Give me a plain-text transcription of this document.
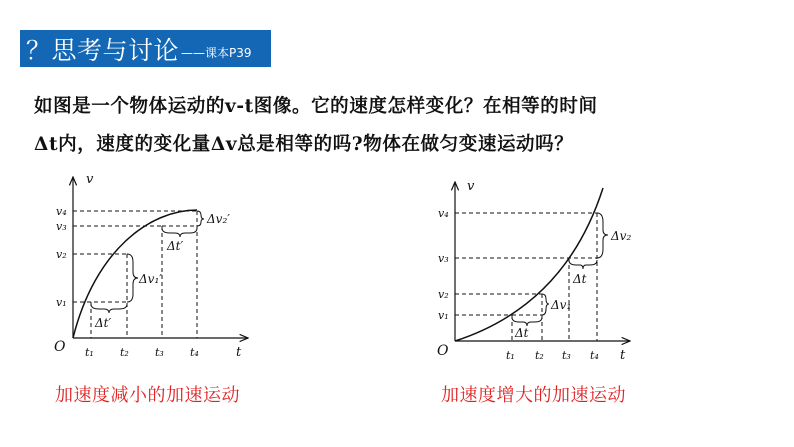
？思考与讨论 ——课本P39
如图是一个物体运动的v-t图像。它的速度怎样变化？在相等的时间
Δt内，速度的变化量Δv总是相等的吗?物体在做匀变速运动吗？
v
t
O
v₄
v₃
v₂
v₁
t₁ t₂ t₃ t₄
Δv₂′
Δt′
Δv₁′
Δt′
v
t
O
v₄
v₃
v₂
v₁
t₁ t₂ t₃ t₄
Δv₂
Δt
Δv₁
Δt
加速度减小的加速运动	加速度增大的加速运动
